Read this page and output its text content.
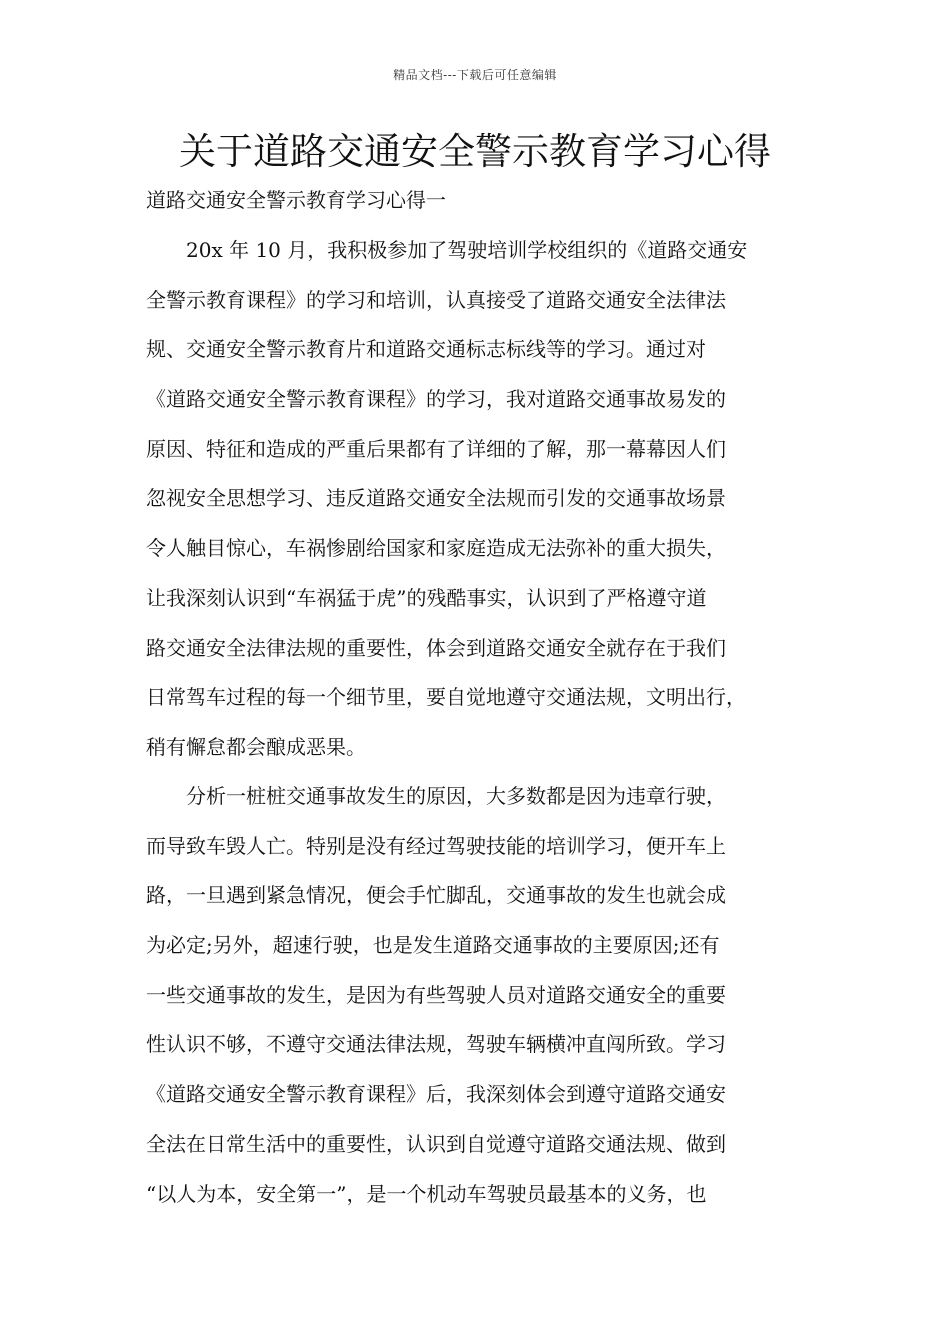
精品文档---下载后可任意编辑
关于道路交通安全警示教育学习心得
道路交通安全警示教育学习心得一
　　20x 年 10 月，我积极参加了驾驶培训学校组织的《道路交通安
全警示教育课程》的学习和培训，认真接受了道路交通安全法律法
规、交通安全警示教育片和道路交通标志标线等的学习。通过对
《道路交通安全警示教育课程》的学习，我对道路交通事故易发的
原因、特征和造成的严重后果都有了详细的了解，那一幕幕因人们
忽视安全思想学习、违反道路交通安全法规而引发的交通事故场景
令人触目惊心，车祸惨剧给国家和家庭造成无法弥补的重大损失，
让我深刻认识到“车祸猛于虎”的残酷事实，认识到了严格遵守道
路交通安全法律法规的重要性，体会到道路交通安全就存在于我们
日常驾车过程的每一个细节里，要自觉地遵守交通法规，文明出行，
稍有懈怠都会酿成恶果。
　　分析一桩桩交通事故发生的原因，大多数都是因为违章行驶，
而导致车毁人亡。特别是没有经过驾驶技能的培训学习，便开车上
路，一旦遇到紧急情况，便会手忙脚乱，交通事故的发生也就会成
为必定;另外，超速行驶，也是发生道路交通事故的主要原因;还有
一些交通事故的发生，是因为有些驾驶人员对道路交通安全的重要
性认识不够，不遵守交通法律法规，驾驶车辆横冲直闯所致。学习
《道路交通安全警示教育课程》后，我深刻体会到遵守道路交通安
全法在日常生活中的重要性，认识到自觉遵守道路交通法规、做到
“以人为本，安全第一”，是一个机动车驾驶员最基本的义务，也
